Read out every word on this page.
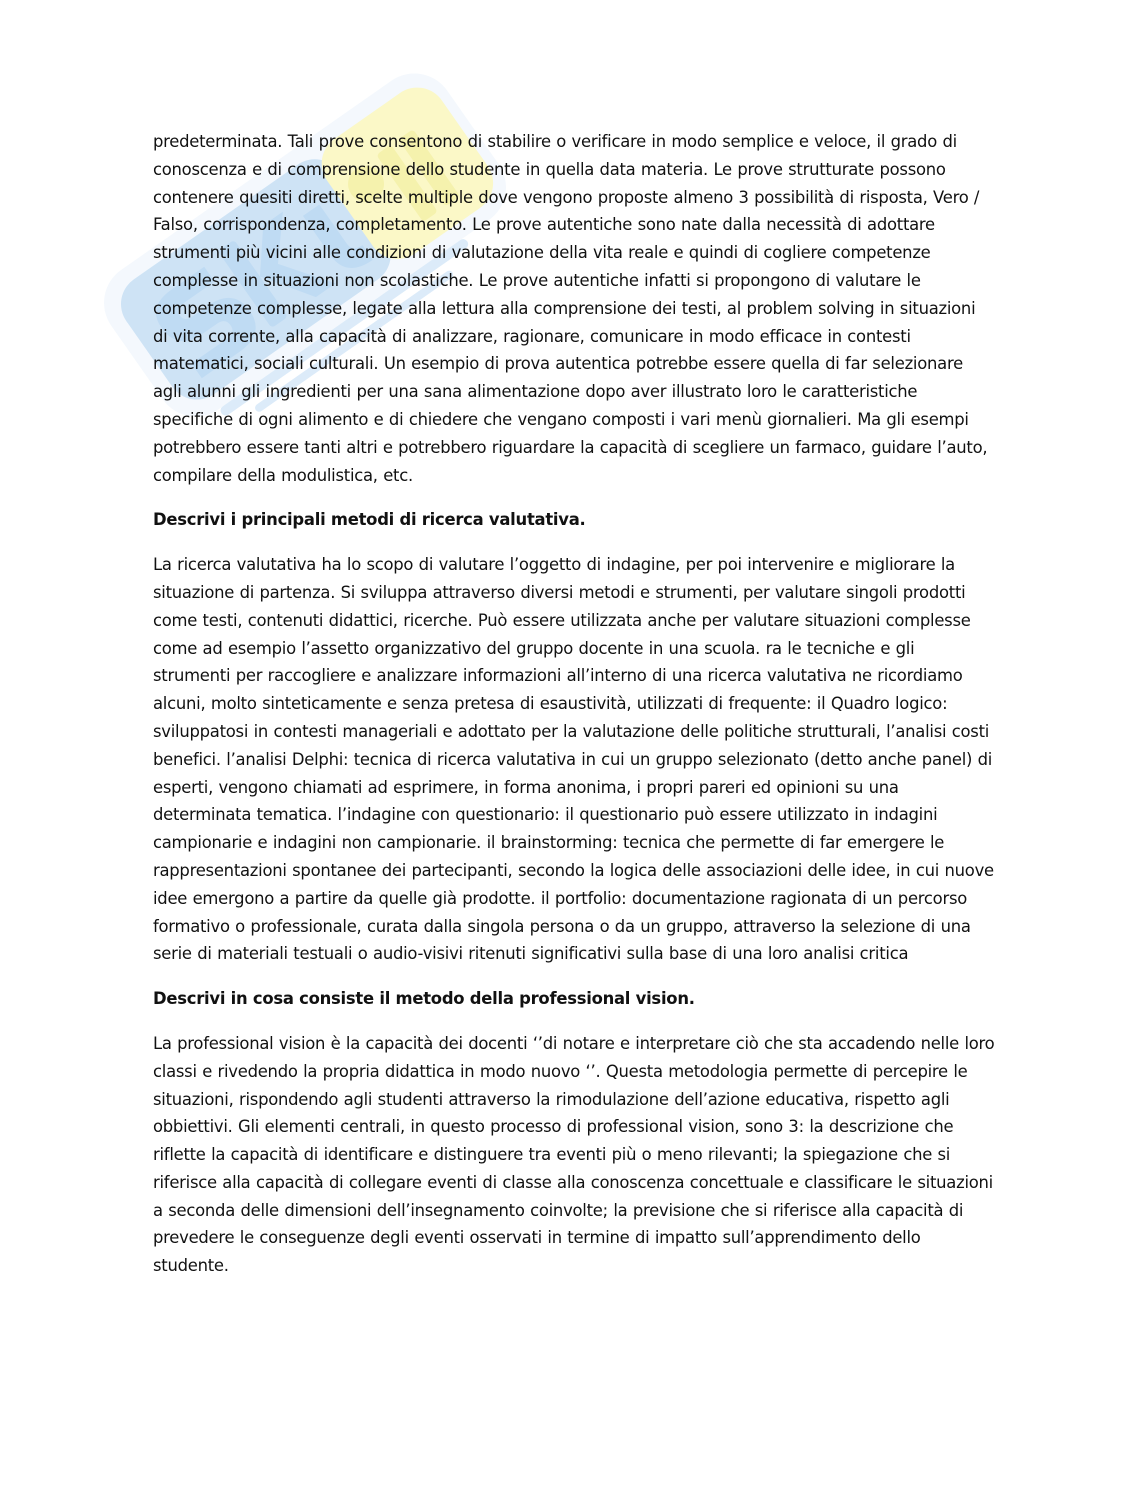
predeterminata. Tali prove consentono di stabilire o verificare in modo semplice e veloce, il grado di conoscenza e di comprensione dello studente in quella data materia. Le prove strutturate possono contenere quesiti diretti, scelte multiple dove vengono proposte almeno 3 possibilità di risposta, Vero / Falso, corrispondenza, completamento. Le prove autentiche sono nate dalla necessità di adottare strumenti più vicini alle condizioni di valutazione della vita reale e quindi di cogliere competenze complesse in situazioni non scolastiche. Le prove autentiche infatti si propongono di valutare le competenze complesse, legate alla lettura alla comprensione dei testi, al problem solving in situazioni di vita corrente, alla capacità di analizzare, ragionare, comunicare in modo efficace in contesti matematici, sociali culturali. Un esempio di prova autentica potrebbe essere quella di far selezionare agli alunni gli ingredienti per una sana alimentazione dopo aver illustrato loro le caratteristiche specifiche di ogni alimento e di chiedere che vengano composti i vari menù giornalieri. Ma gli esempi potrebbero essere tanti altri e potrebbero riguardare la capacità di scegliere un farmaco, guidare l’auto, compilare della modulistica, etc.

Descrivi i principali metodi di ricerca valutativa.

La ricerca valutativa ha lo scopo di valutare l’oggetto di indagine, per poi intervenire e migliorare la situazione di partenza. Si sviluppa attraverso diversi metodi e strumenti, per valutare singoli prodotti come testi, contenuti didattici, ricerche. Può essere utilizzata anche per valutare situazioni complesse come ad esempio l’assetto organizzativo del gruppo docente in una scuola. ra le tecniche e gli strumenti per raccogliere e analizzare informazioni all’interno di una ricerca valutativa ne ricordiamo alcuni, molto sinteticamente e senza pretesa di esaustività, utilizzati di frequente: il Quadro logico: sviluppatosi in contesti manageriali e adottato per la valutazione delle politiche strutturali, l’analisi costi benefici. l’analisi Delphi: tecnica di ricerca valutativa in cui un gruppo selezionato (detto anche panel) di esperti, vengono chiamati ad esprimere, in forma anonima, i propri pareri ed opinioni su una determinata tematica. l’indagine con questionario: il questionario può essere utilizzato in indagini campionarie e indagini non campionarie. il brainstorming: tecnica che permette di far emergere le rappresentazioni spontanee dei partecipanti, secondo la logica delle associazioni delle idee, in cui nuove idee emergono a partire da quelle già prodotte. il portfolio: documentazione ragionata di un percorso formativo o professionale, curata dalla singola persona o da un gruppo, attraverso la selezione di una serie di materiali testuali o audio-visivi ritenuti significativi sulla base di una loro analisi critica

Descrivi in cosa consiste il metodo della professional vision.

La professional vision è la capacità dei docenti ‘’di notare e interpretare ciò che sta accadendo nelle loro classi e rivedendo la propria didattica in modo nuovo ‘’. Questa metodologia permette di percepire le situazioni, rispondendo agli studenti attraverso la rimodulazione dell’azione educativa, rispetto agli obbiettivi. Gli elementi centrali, in questo processo di professional vision, sono 3: la descrizione che riflette la capacità di identificare e distinguere tra eventi più o meno rilevanti; la spiegazione che si riferisce alla capacità di collegare eventi di classe alla conoscenza concettuale e classificare le situazioni a seconda delle dimensioni dell’insegnamento coinvolte; la previsione che si riferisce alla capacità di prevedere le conseguenze degli eventi osservati in termine di impatto sull’apprendimento dello studente.
